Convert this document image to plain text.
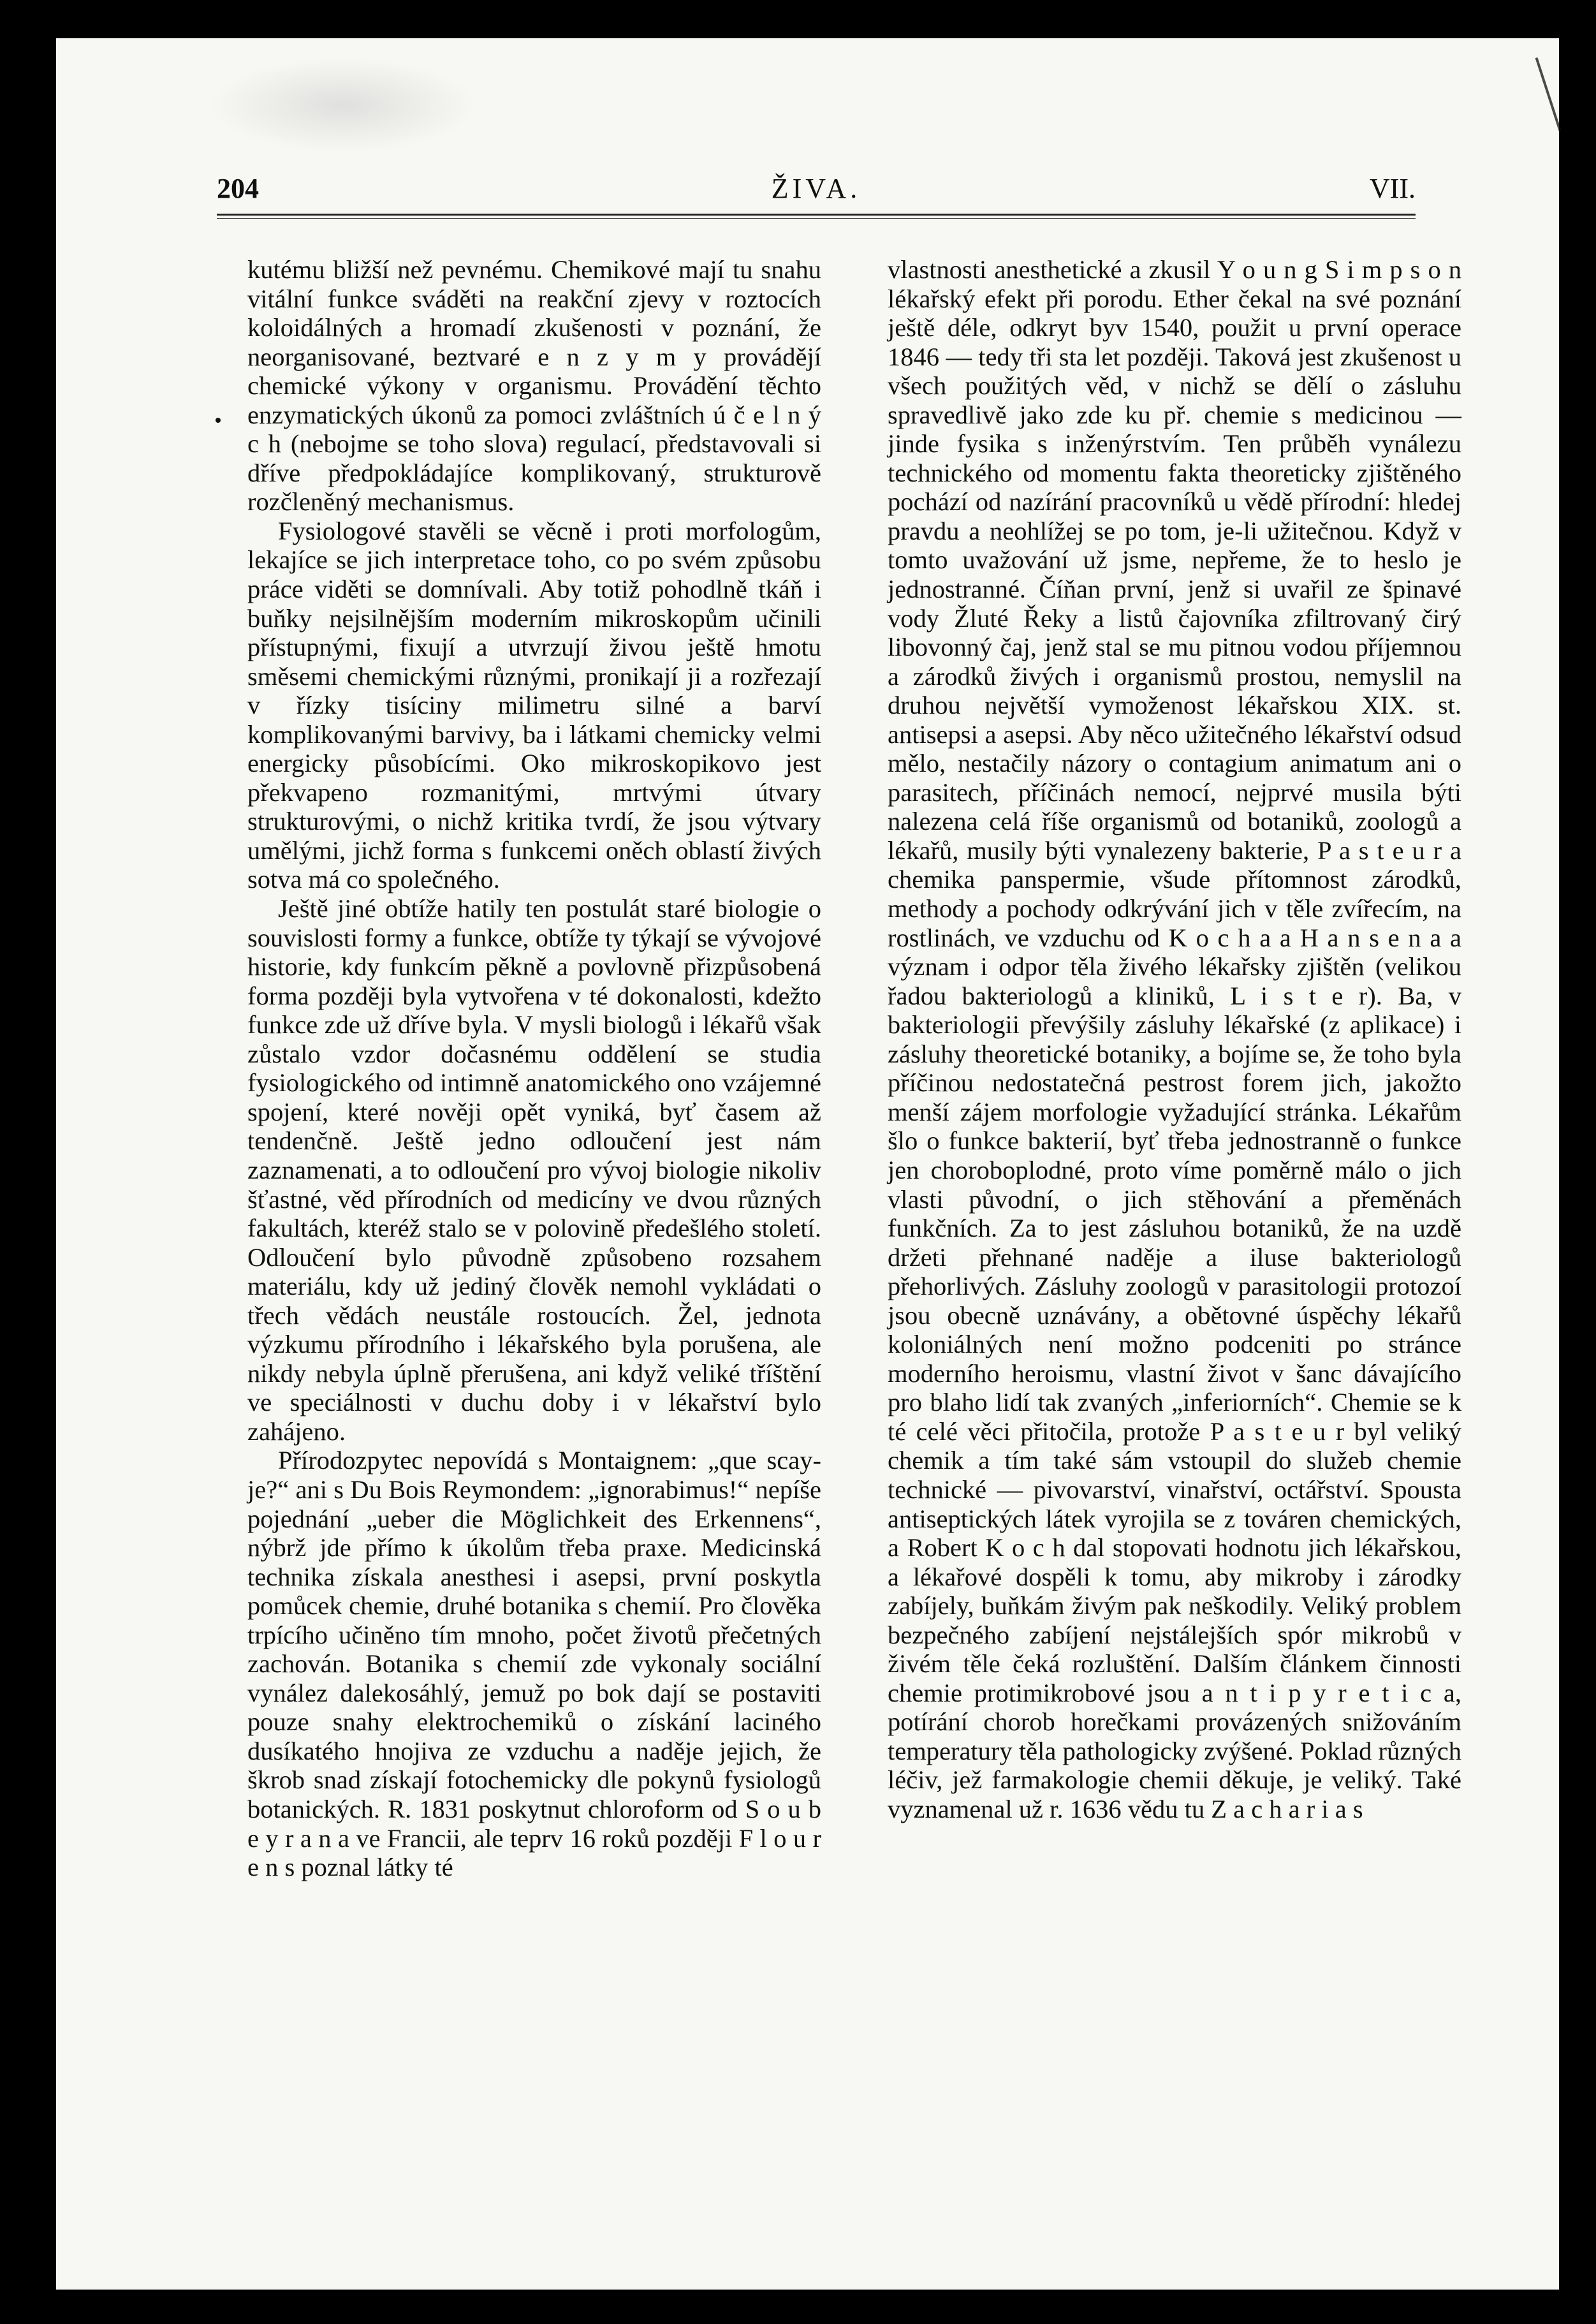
204	ŽIVA.	VII.

kutému bližší než pevnému. Chemikové mají tu snahu vitální funkce sváděti na reakční zjevy v roztocích koloidálných a hromadí zkušenosti v poznání, že neorganisované, beztvaré e n z y m y provádějí chemické výkony v organismu. Provádění těchto enzymatických úkonů za pomoci zvláštních ú č e l n ý c h (nebojme se toho slova) regulací, představovali si dříve předpokládajíce komplikovaný, strukturově rozčleněný mechanismus.

Fysiologové stavěli se věcně i proti morfologům, lekajíce se jich interpretace toho, co po svém způsobu práce viděti se domnívali. Aby totiž pohodlně tkáň i buňky nejsilnějším moderním mikroskopům učinili přístupnými, fixují a utvrzují živou ještě hmotu směsemi chemickými různými, pronikají ji a rozřezají v řízky tisíciny milimetru silné a barví komplikovanými barvivy, ba i látkami chemicky velmi energicky působícími. Oko mikroskopikovo jest překvapeno rozmanitými, mrtvými útvary strukturovými, o nichž kritika tvrdí, že jsou výtvary umělými, jichž forma s funkcemi oněch oblastí živých sotva má co společného.

Ještě jiné obtíže hatily ten postulát staré biologie o souvislosti formy a funkce, obtíže ty týkají se vývojové historie, kdy funkcím pěkně a povlovně přizpůsobená forma později byla vytvořena v té dokonalosti, kdežto funkce zde už dříve byla. V mysli biologů i lékařů však zůstalo vzdor dočasnému oddělení se studia fysiologického od intimně anatomického ono vzájemné spojení, které nověji opět vyniká, byť časem až tendenčně. Ještě jedno odloučení jest nám zaznamenati, a to odloučení pro vývoj biologie nikoliv šťastné, věd přírodních od medicíny ve dvou různých fakultách, kteréž stalo se v polovině předešlého století. Odloučení bylo původně způsobeno rozsahem materiálu, kdy už jediný člověk nemohl vykládati o třech vědách neustále rostoucích. Žel, jednota výzkumu přírodního i lékařského byla porušena, ale nikdy nebyla úplně přerušena, ani když veliké tříštění ve speciálnosti v duchu doby i v lékařství bylo zahájeno.

Přírodozpytec nepovídá s Montaignem: „que scay-je?“ ani s Du Bois Reymondem: „ignorabimus!“ nepíše pojednání „ueber die Möglichkeit des Erkennens“, nýbrž jde přímo k úkolům třeba praxe. Medicinská technika získala anesthesi i asepsi, první poskytla pomůcek chemie, druhé botanika s chemií. Pro člověka trpícího učiněno tím mnoho, počet životů přečetných zachován. Botanika s chemií zde vykonaly sociální vynález dalekosáhlý, jemuž po bok dají se postaviti pouze snahy elektrochemiků o získání laciného dusíkatého hnojiva ze vzduchu a naděje jejich, že škrob snad získají fotochemicky dle pokynů fysiologů botanických. R. 1831 poskytnut chloroform od S o u b e y r a n a ve Francii, ale teprv 16 roků později F l o u r e n s poznal látky té

vlastnosti anesthetické a zkusil Y o u n g S i m p s o n lékařský efekt při porodu. Ether čekal na své poznání ještě déle, odkryt byv 1540, použit u první operace 1846 — tedy tři sta let později. Taková jest zkušenost u všech použitých věd, v nichž se dělí o zásluhu spravedlivě jako zde ku př. chemie s medicinou — jinde fysika s inženýrstvím. Ten průběh vynálezu technického od momentu fakta theoreticky zjištěného pochází od nazírání pracovníků u vědě přírodní: hledej pravdu a neohlížej se po tom, je-li užitečnou. Když v tomto uvažování už jsme, nepřeme, že to heslo je jednostranné. Číňan první, jenž si uvařil ze špinavé vody Žluté Řeky a listů čajovníka zfiltrovaný čirý libovonný čaj, jenž stal se mu pitnou vodou příjemnou a zárodků živých i organismů prostou, nemyslil na druhou největší vymoženost lékařskou XIX. st. antisepsi a asepsi. Aby něco užitečného lékařství odsud mělo, nestačily názory o contagium animatum ani o parasitech, příčinách nemocí, nejprvé musila býti nalezena celá říše organismů od botaniků, zoologů a lékařů, musily býti vynalezeny bakterie, P a s t e u r a chemika panspermie, všude přítomnost zárodků, methody a pochody odkrývání jich v těle zvířecím, na rostlinách, ve vzduchu od K o c h a a H a n s e n a a význam i odpor těla živého lékařsky zjištěn (velikou řadou bakteriologů a kliniků, L i s t e r). Ba, v bakteriologii převýšily zásluhy lékařské (z aplikace) i zásluhy theoretické botaniky, a bojíme se, že toho byla příčinou nedostatečná pestrost forem jich, jakožto menší zájem morfologie vyžadující stránka. Lékařům šlo o funkce bakterií, byť třeba jednostranně o funkce jen choroboplodné, proto víme poměrně málo o jich vlasti původní, o jich stěhování a přeměnách funkčních. Za to jest zásluhou botaniků, že na uzdě držeti přehnané naděje a iluse bakteriologů přehorlivých. Zásluhy zoologů v parasitologii protozoí jsou obecně uznávány, a obětovné úspěchy lékařů koloniálných není možno podceniti po stránce moderního heroismu, vlastní život v šanc dávajícího pro blaho lidí tak zvaných „inferiorních“. Chemie se k té celé věci přitočila, protože P a s t e u r byl veliký chemik a tím také sám vstoupil do služeb chemie technické — pivovarství, vinařství, octářství. Spousta antiseptických látek vyrojila se z továren chemických, a Robert K o c h dal stopovati hodnotu jich lékařskou, a lékařové dospěli k tomu, aby mikroby i zárodky zabíjely, buňkám živým pak neškodily. Veliký problem bezpečného zabíjení nejstálejších spór mikrobů v živém těle čeká rozluštění. Dalším článkem činnosti chemie protimikrobové jsou a n t i p y r e t i c a, potírání chorob horečkami provázených snižováním temperatury těla pathologicky zvýšené. Poklad různých léčiv, jež farmakologie chemii děkuje, je veliký. Také vyznamenal už r. 1636 vědu tu Z a c h a r i a s
